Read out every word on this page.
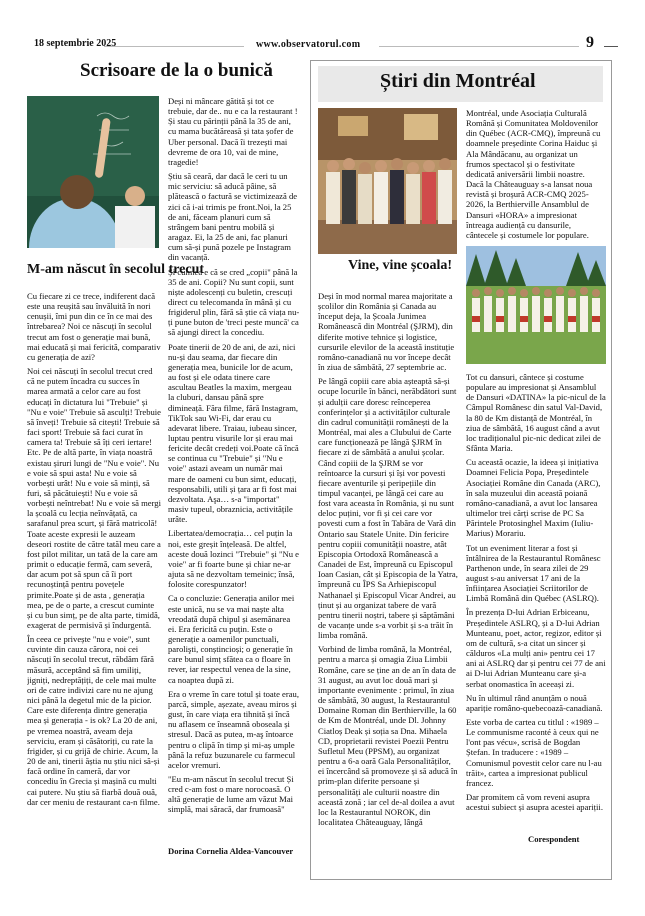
18 septembrie 2025	www.observatorul.com	9
Scrisoare de la o bunică
M-am născut în secolul trecut

Cu fiecare zi ce trece, indiferent dacă este una reușită sau învăluită în nori cenușii, îmi pun din ce în ce mai des întrebarea? Noi ce născuți în secolul trecut am fost o generație mai bună, mai educată și mai fericită, comparativ cu generația de azi?

Noi cei născuți în secolul trecut cred că ne putem încadra cu succes în marea armată a celor care au fost educați în dictatura lui "Trebuie" și "Nu e voie" Trebuie să asculți! Trebuie să înveți! Trebuie să citești! Trebuie să faci sport! Trebuie să faci curat în camera ta! Trebuie să îți ceri iertare! Etc. Pe de altă parte, în viața noastră existau șiruri lungi de "Nu e voie". Nu e voie să spui asta! Nu e voie să vorbești urât! Nu e voie să minți, să furi, să păcătuiești! Nu e voie să vorbești neîntrebat! Nu e voie să mergi la școală cu lecția neînvățată, ca sarafanul prea scurt, și fără matricolă! Toate aceste expresii le auzeam deseori rostite de către tatăl meu care a fost pilot militar, un tată de la care am primit o educație fermă, cam severă, dar acum pot să spun că îi port recunoștință pentru povețele primite.Poate și de asta , generația mea, pe de o parte, a crescut cuminte și cu bun simț, pe de alta parte, timidă, exagerat de permisivă și îndurgentă.

În ceea ce privește "nu e voie", sunt cuvinte din cauza cărora, noi cei născuți în secolul trecut, răbdăm fără măsură, acceptând să fim umiliți, jigniți, nedreptățiți, de cele mai multe ori de catre indivizi care nu ne ajung nici până la degetul mic de la picior. Care este diferența dintre generația mea și generația - is ok? La 20 de ani, pe vremea noastră, aveam deja serviciu, eram și căsătoriți, cu rate la frigider, și cu grijă de chirie. Acum, la 20 de ani, tinerii ăștia nu știu nici să-și facă ordine în cameră, dar vor concediu în Grecia și mașină cu multi cai putere. Nu știu să fiarbă două ouă, dar cer meniu de restaurant ca-n filme.

Deși ni mâncare gătită și tot ce trebuie, dar de.. nu e ca la restaurant !Și stau cu părinții până la 35 de ani, cu mama bucătăreasă și tata șofer de Uber personal. Dacă îi trezești mai devreme de ora 10, vai de mine, tragedie!

Știu să ceară, dar dacă le ceri tu un mic serviciu: să aducă pâine, să plătească o factură se victimizează de zici că i-ai trimis pe front.Noi, la 25 de ani, făceam planuri cum să strângem bani pentru mobilă și aragaz. Ei, la 25 de ani, fac planuri cum să-și pună pozele pe Instagram din vacanță.

Și culmea e că se cred „copii" până la 35 de ani. Copii? Nu sunt copii, sunt niște adolescenți cu buletin, crescuți direct cu telecomanda în mână și cu frigiderul plin, fără să știe că viața nu-ți pune buton de 'treci peste muncă' ca să ajungi direct la concediu.

Poate tinerii de 20 de ani, de azi, nici nu-și dau seama, dar fiecare din generația mea, bunicile lor de acum, au fost și ele odata tinere care ascultau Beatles la maxim, mergeau la cluburi, dansau până spre dimineață. Făra filme, fără Instagram, TikTok sau Wi-Fi, dar erau cu adevarat libere. Traiau, iubeau sincer, luptau pentru visurile lor și erau mai fericite decât credeți voi.Poate că încă se continua cu "Trebuie" și "Nu e voie" astazi aveam un număr mai mare de oameni cu bun simt, educați, responsabili, utili și țara ar fi fost mai dezvoltata. Aşa… s-a "importat" masiv tupeul, obraznicia, activitățile urâte.

Libertatea/democrația… cel puțin la noi, este greșit înțeleasă. De altfel, aceste două lozinci "Trebuie" și "Nu e voie" ar fi foarte bune și chiar ne-ar ajuta să ne dezvoltam temeinic; însă, folosite corespunzator!

Ca o concluzie: Generația anilor mei este unică, nu se va mai naște alta vreodată după chipul și asemănarea ei. Era fericită cu puțin. Este o generație a oamenilor punctuali, parolişti, conștincioși; o generație în care bunul simț sfătea ca o floare în rever, iar respectul venea de la sine, ca noaptea după zi.

Era o vreme în care totul și toate erau, parcă, simple, așezate, aveau miros și gust, în care viața era tihnită și încă nu aflasem ce înseamnă oboseala și stresul. Dacă as putea, m-aş întoarce pentru o clipă în timp și mi-aș umple până la refuz buzunarele cu farmecul acelor vremuri.

"Eu m-am născut în secolul trecut Și cred c-am fost o mare norocoasă. O altă generație de lume am văzut Mai simplă, mai săracă, dar frumoasă"

Dorina Cornelia Aldea-Vancouver
Știri din Montréal

Montréal, unde Asociația Culturală Română și Comunitatea Moldovenilor din Québec (ACR-CMQ), împreună cu doamnele președinte Corina Haiduc și Ala Mândăcanu, au organizat un frumos spectacol și o festivitate dedicată aniversării limbii noastre. Dacă la Châteauguay s-a lansat noua revistă și broșură ACR-CMQ 2025-2026, la Berthierville Ansamblul de Dansuri «HORA» a impresionat întreaga audiență cu dansurile, cântecele și costumele lor populare.

Vine, vine școala!

Deși în mod normal marea majoritate a școlilor din România și Canada au început deja, la Școala Junimea Românească din Montréal (ŞJRM), din diferite motive tehnice și logistice, cursurile elevilor de la această instituție româno-canadiană nu vor începe decât în ziua de sâmbătă, 27 septembrie ac.

Pe lângă copiii care abia așteaptă să-și ocupe locurile în bănci, nerăbdători sunt și adulții care doresc reînceperea conferințelor și a activităților culturale din cadrul comunității românești de la Montréal, mai ales a Clubului de Carte care funcționează pe lângă ŞJRM în fiecare zi de sâmbătă a anului școlar. Când copiii de la ŞJRM se vor reîntoarce la cursuri și își vor povesti fiecare aventurile și peripețiile din timpul vacanței, pe lângă cei care au fost vara aceasta în România, și nu sunt deloc puțini, vor fi și cei care vor povesti cum a fost în Tabăra de Vară din Ontario sau Statele Unite. Din fericire pentru copiii comunității noastre, atât Episcopia Ortodoxă Românească a Canadei de Est, împreună cu Episcopul Ioan Casian, cât și Episcopia de la Yatra, împreună cu ÎPS Sa Arhiepiscopul Nathanael și Episcopul Vicar Andrei, au ținut și au organizat tabere de vară pentru tinerii noștri, tabere și săptămâni de vacanțe unde s-a vorbit și s-a trăit în limba română.

Vorbind de limba română, la Montréal, pentru a marca și omagia Ziua Limbii Române, care se ține an de an în data de 31 august, au avut loc două mari și importante evenimente : primul, în ziua de sâmbătă, 30 august, la Restaurantul Domaine Roman din Berthierville, la 60 de Km de Montréal, unde Dl. Johnny Ciatloș Deak și soția sa Dna. Mihaela CD, proprietarii revistei Poezii Pentru Sufletul Meu (PPSM), au organizat pentru a 6-a oară Gala Personalităților, ei încercând să promoveze și să aducă în prim-plan diferite persoane și personalități ale culturii noastre din această zonă ; iar cel de-al doilea a avut loc la Restaurantul NOROK, din localitatea Châteauguay, lângă

Tot cu dansuri, cântece și costume populare au impresionat și Ansamblul de Dansuri «DATINA» la pic-nicul de la Câmpul Românesc din satul Val-David, la 80 de Km distanță de Montréal, în ziua de sâmbătă, 16 august când a avut loc tradiționalul pic-nic dedicat zilei de Sfânta Maria.

Cu această ocazie, la ideea și inițiativa Doamnei Felicia Popa, Președintele Asociației Române din Canada (ARC), în sala muzeului din această poiană româno-canadiană, a avut loc lansarea ultimelor trei cărți scrise de PC Sa Părintele Protosinghel Maxim (Iuliu-Marius) Morariu.

Tot un eveniment literar a fost și întâlnirea de la Restaurantul Românesc Parthenon unde, în seara zilei de 29 august s-au aniversat 17 ani de la înființarea Asociației Scriitorilor de Limbă Română din Québec (ASLRQ).

În prezența D-lui Adrian Erbiceanu, Președintele ASLRQ, și a D-lui Adrian Munteanu, poet, actor, regizor, editor și om de cultură, s-a citat un sincer și călduros «La mulți ani» pentru cei 17 ani ai ASLRQ dar și pentru cei 77 de ani ai D-lui Adrian Munteanu care și-a serbat onomastica în aceeași zi.

Nu în ultimul rând anunțăm o nouă apariție româno-quebecoază-canadiană.

Este vorba de cartea cu titlul : «1989 – Le communisme raconté à ceux qui ne l'ont pas vécu», scrisă de Bogdan Ștefan. In traducere : «1989 – Comunismul povestit celor care nu l-au trăit», cartea a impresionat publicul francez.

Dar promitem că vom reveni asupra acestui subiect și asupra acestei apariții.

Corespondent
